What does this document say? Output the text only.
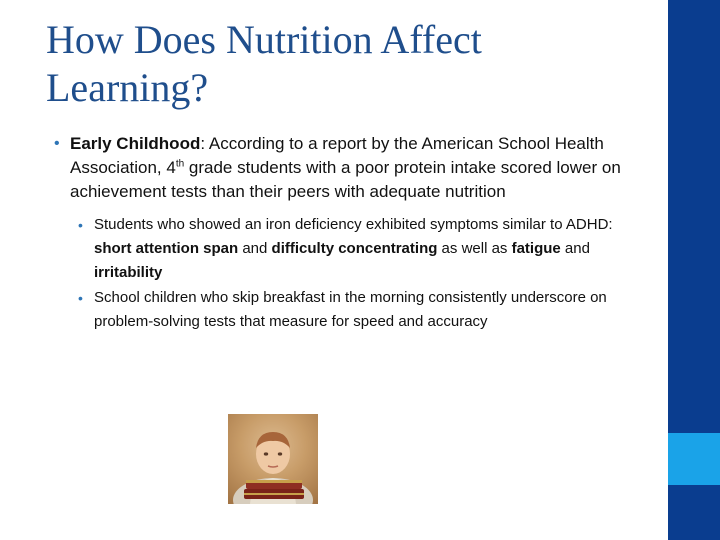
How Does Nutrition Affect
Learning?
• Early Childhood: According to a report by the American School Health Association, 4th grade students with a poor protein intake scored lower on achievement tests than their peers with adequate nutrition
• Students who showed an iron deficiency exhibited symptoms similar to ADHD: short attention span and difficulty concentrating as well as fatigue and irritability
• School children who skip breakfast in the morning consistently underscore on problem-solving tests that measure for speed and accuracy
